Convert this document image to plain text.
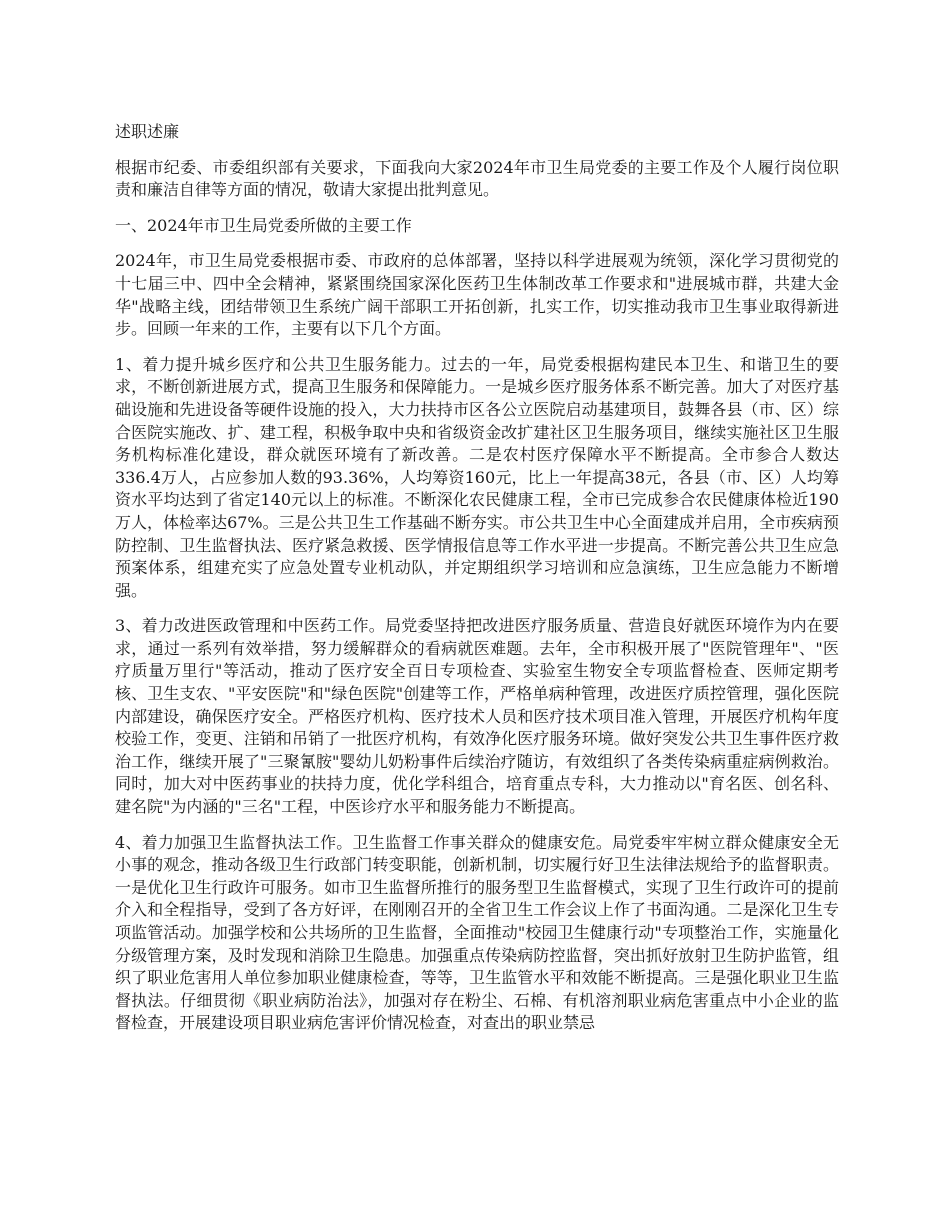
述职述廉

根据市纪委、市委组织部有关要求，下面我向大家2024年市卫生局党委的主要工作及个人履行岗位职责和廉洁自律等方面的情况，敬请大家提出批判意见。

一、2024年市卫生局党委所做的主要工作

2024年，市卫生局党委根据市委、市政府的总体部署，坚持以科学进展观为统领，深化学习贯彻党的十七届三中、四中全会精神，紧紧围绕国家深化医药卫生体制改革工作要求和"进展城市群，共建大金华"战略主线，团结带领卫生系统广阔干部职工开拓创新，扎实工作，切实推动我市卫生事业取得新进步。回顾一年来的工作，主要有以下几个方面。

1、着力提升城乡医疗和公共卫生服务能力。过去的一年，局党委根据构建民本卫生、和谐卫生的要求，不断创新进展方式，提高卫生服务和保障能力。一是城乡医疗服务体系不断完善。加大了对医疗基础设施和先进设备等硬件设施的投入，大力扶持市区各公立医院启动基建项目，鼓舞各县（市、区）综合医院实施改、扩、建工程，积极争取中央和省级资金改扩建社区卫生服务项目，继续实施社区卫生服务机构标准化建设，群众就医环境有了新改善。二是农村医疗保障水平不断提高。全市参合人数达336.4万人，占应参加人数的93.36%，人均筹资160元，比上一年提高38元，各县（市、区）人均筹资水平均达到了省定140元以上的标准。不断深化农民健康工程，全市已完成参合农民健康体检近190万人，体检率达67%。三是公共卫生工作基础不断夯实。市公共卫生中心全面建成并启用，全市疾病预防控制、卫生监督执法、医疗紧急救援、医学情报信息等工作水平进一步提高。不断完善公共卫生应急预案体系，组建充实了应急处置专业机动队，并定期组织学习培训和应急演练，卫生应急能力不断增强。

3、着力改进医政管理和中医药工作。局党委坚持把改进医疗服务质量、营造良好就医环境作为内在要求，通过一系列有效举措，努力缓解群众的看病就医难题。去年，全市积极开展了"医院管理年"、"医疗质量万里行"等活动，推动了医疗安全百日专项检查、实验室生物安全专项监督检查、医师定期考核、卫生支农、"平安医院"和"绿色医院"创建等工作，严格单病种管理，改进医疗质控管理，强化医院内部建设，确保医疗安全。严格医疗机构、医疗技术人员和医疗技术项目准入管理，开展医疗机构年度校验工作，变更、注销和吊销了一批医疗机构，有效净化医疗服务环境。做好突发公共卫生事件医疗救治工作，继续开展了"三聚氰胺"婴幼儿奶粉事件后续治疗随访，有效组织了各类传染病重症病例救治。同时，加大对中医药事业的扶持力度，优化学科组合，培育重点专科，大力推动以"育名医、创名科、建名院"为内涵的"三名"工程，中医诊疗水平和服务能力不断提高。

4、着力加强卫生监督执法工作。卫生监督工作事关群众的健康安危。局党委牢牢树立群众健康安全无小事的观念，推动各级卫生行政部门转变职能，创新机制，切实履行好卫生法律法规给予的监督职责。一是优化卫生行政许可服务。如市卫生监督所推行的服务型卫生监督模式，实现了卫生行政许可的提前介入和全程指导，受到了各方好评，在刚刚召开的全省卫生工作会议上作了书面沟通。二是深化卫生专项监管活动。加强学校和公共场所的卫生监督，全面推动"校园卫生健康行动"专项整治工作，实施量化分级管理方案，及时发现和消除卫生隐患。加强重点传染病防控监督，突出抓好放射卫生防护监管，组织了职业危害用人单位参加职业健康检查，等等，卫生监管水平和效能不断提高。三是强化职业卫生监督执法。仔细贯彻《职业病防治法》，加强对存在粉尘、石棉、有机溶剂职业病危害重点中小企业的监督检查，开展建设项目职业病危害评价情况检查，对查出的职业禁忌
